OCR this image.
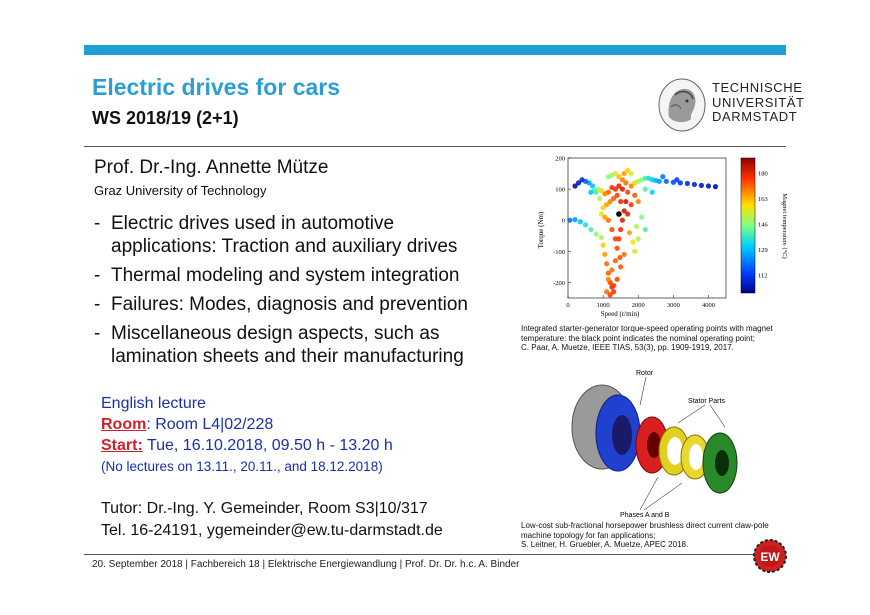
Electric drives for cars
WS 2018/19 (2+1)
TECHNISCHE
UNIVERSITÄT
DARMSTADT
Prof. Dr.-Ing. Annette Mütze
Graz University of Technology
- Electric drives used in automotive
applications: Traction and auxiliary drives
- Thermal modeling and system integration
- Failures: Modes, diagnosis and prevention
- Miscellaneous design aspects, such as
lamination sheets and their manufacturing
English lecture
Room: Room L4|02/228
Start: Tue, 16.10.2018, 09.50 h - 13.20 h
(No lectures on 13.11., 20.11., and 18.12.2018)
Tutor: Dr.-Ing. Y. Gemeinder, Room S3|10/317
Tel. 16-24191, ygemeinder@ew.tu-darmstadt.de
0	1000	2000	3000	4000
200
100
0
-100
-200
Speed (r/min)
Torque (Nm)
180
163
146
129
112
Magnet temperature (°C)
Integrated starter-generator torque-speed operating points with magnet
temperature: the black point indicates the nominal operating point;
C. Paar, A. Muetze, IEEE TIAS, 53(3), pp. 1909-1919, 2017.
Rotor
Stator Parts
Phases A and B
Low-cost sub-fractional horsepower brushless direct current claw-pole
machine topology for fan applications;
S. Leitner, H. Gruebler, A. Muetze, APEC 2018.
20. September 2018 | Fachbereich 18 | Elektrische Energiewandlung | Prof. Dr. Dr. h.c. A. Binder
EW
